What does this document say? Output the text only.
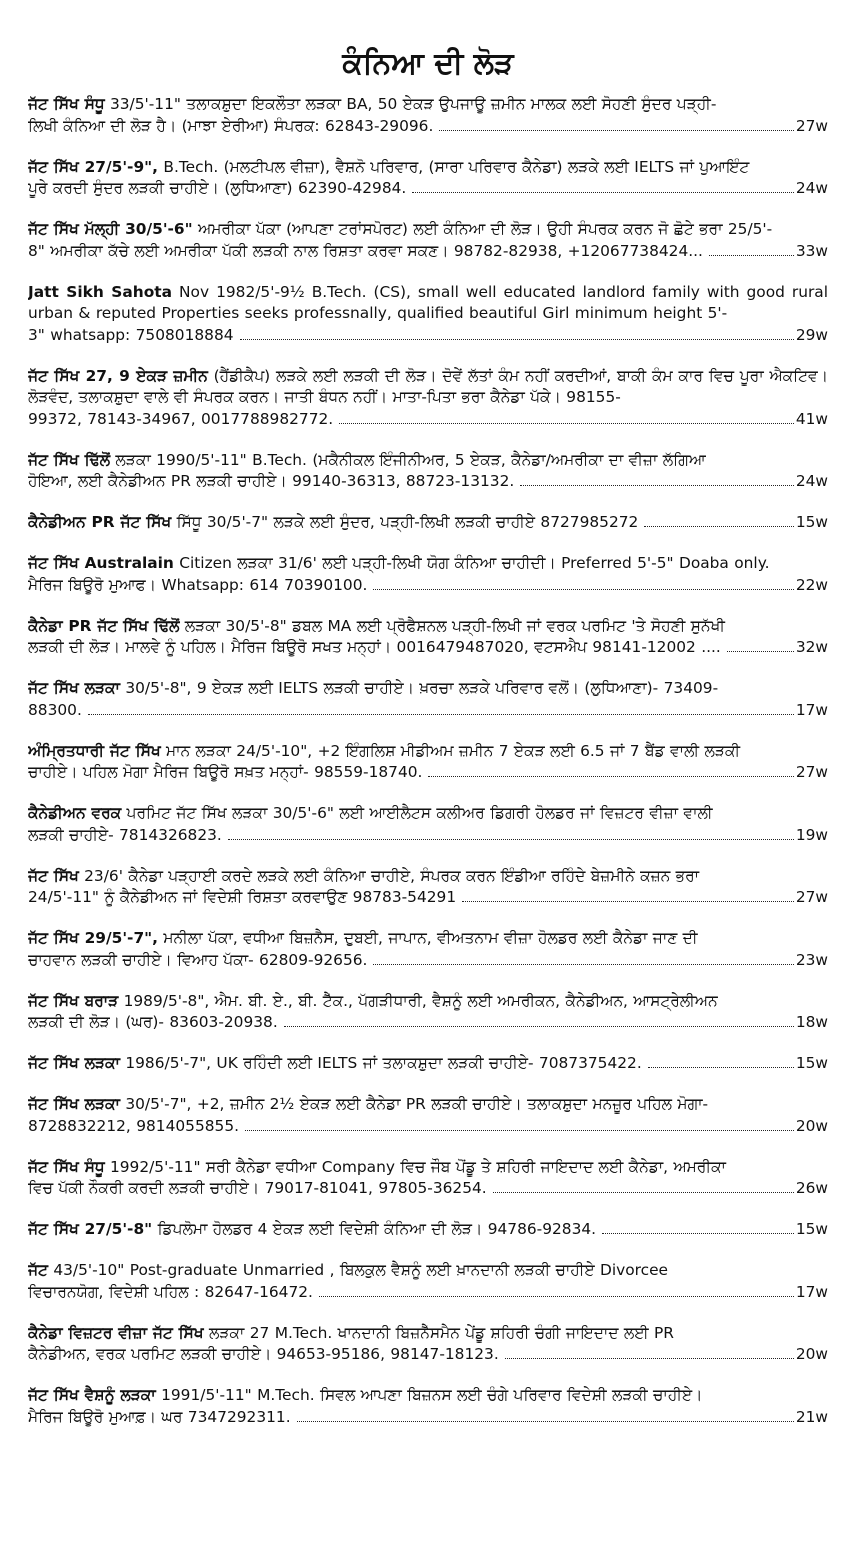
ਕੰਨਿਆ ਦੀ ਲੋੜ
ਜੱਟ ਸਿੱਖ ਸੰਧੂ 33/5'-11" ਤਲਾਕਸ਼ੁਦਾ ਇਕਲੌਤਾ ਲੜਕਾ BA, 50 ਏਕੜ ਉਪਜਾਊ ਜ਼ਮੀਨ ਮਾਲਕ ਲਈ ਸੋਹਣੀ ਸੁੰਦਰ ਪੜ੍ਹੀ-
ਲਿਖੀ ਕੰਨਿਆ ਦੀ ਲੋੜ ਹੈ। (ਮਾਝਾ ਏਰੀਆ) ਸੰਪਰਕ: 62843-29096.	27w
ਜੱਟ ਸਿੱਖ 27/5'-9", B.Tech. (ਮਲਟੀਪਲ ਵੀਜ਼ਾ), ਵੈਸ਼ਨੋ ਪਰਿਵਾਰ, (ਸਾਰਾ ਪਰਿਵਾਰ ਕੈਨੇਡਾ) ਲੜਕੇ ਲਈ IELTS ਜਾਂ ਪੁਆਇੰਟ
ਪੂਰੇ ਕਰਦੀ ਸੁੰਦਰ ਲੜਕੀ ਚਾਹੀਏ। (ਲੁਧਿਆਣਾ) 62390-42984.	24w
ਜੱਟ ਸਿੱਖ ਮੱਲ੍ਹੀ 30/5'-6" ਅਮਰੀਕਾ ਪੱਕਾ (ਆਪਣਾ ਟਰਾਂਸਪੋਰਟ) ਲਈ ਕੰਨਿਆ ਦੀ ਲੋੜ। ਉਹੀ ਸੰਪਰਕ ਕਰਨ ਜੋ ਛੋਟੇ ਭਰਾ 25/5'-
8" ਅਮਰੀਕਾ ਕੱਚੇ ਲਈ ਅਮਰੀਕਾ ਪੱਕੀ ਲੜਕੀ ਨਾਲ ਰਿਸ਼ਤਾ ਕਰਵਾ ਸਕਣ। 98782-82938, +12067738424...	33w
Jatt Sikh Sahota Nov 1982/5'-9½ B.Tech. (CS), small well educated landlord family with good rural urban & reputed Properties seeks professnally, qualified beautiful Girl minimum height 5'-
3" whatsapp: 7508018884	29w
ਜੱਟ ਸਿੱਖ 27, 9 ਏਕੜ ਜ਼ਮੀਨ (ਹੈਂਡੀਕੈਪ) ਲੜਕੇ ਲਈ ਲੜਕੀ ਦੀ ਲੋੜ। ਦੋਵੇਂ ਲੱਤਾਂ ਕੰਮ ਨਹੀਂ ਕਰਦੀਆਂ, ਬਾਕੀ ਕੰਮ ਕਾਰ ਵਿਚ ਪੂਰਾ ਐਕਟਿਵ। ਲੋੜਵੰਦ, ਤਲਾਕਸ਼ੁਦਾ ਵਾਲੇ ਵੀ ਸੰਪਰਕ ਕਰਨ। ਜਾਤੀ ਬੰਧਨ ਨਹੀਂ। ਮਾਤਾ-ਪਿਤਾ ਭਰਾ ਕੈਨੇਡਾ ਪੱਕੇ। 98155-
99372, 78143-34967, 0017788982772.	41w
ਜੱਟ ਸਿੱਖ ਢਿੱਲੋਂ ਲੜਕਾ 1990/5'-11" B.Tech. (ਮਕੈਨੀਕਲ ਇੰਜੀਨੀਅਰ, 5 ਏਕੜ, ਕੈਨੇਡਾ/ਅਮਰੀਕਾ ਦਾ ਵੀਜ਼ਾ ਲੱਗਿਆ
ਹੋਇਆ, ਲਈ ਕੈਨੇਡੀਅਨ PR ਲੜਕੀ ਚਾਹੀਏ। 99140-36313, 88723-13132.	24w
ਕੈਨੇਡੀਅਨ PR ਜੱਟ ਸਿੱਖ ਸਿੱਧੂ 30/5'-7" ਲੜਕੇ ਲਈ ਸੁੰਦਰ, ਪੜ੍ਹੀ-ਲਿਖੀ ਲੜਕੀ ਚਾਹੀਏ 8727985272	15w
ਜੱਟ ਸਿੱਖ Australain Citizen ਲੜਕਾ 31/6' ਲਈ ਪੜ੍ਹੀ-ਲਿਖੀ ਯੋਗ ਕੰਨਿਆ ਚਾਹੀਦੀ। Preferred 5'-5" Doaba only.
ਮੈਰਿਜ ਬਿਊਰੋ ਮੁਆਫ। Whatsapp: 614 70390100.	22w
ਕੈਨੇਡਾ PR ਜੱਟ ਸਿੱਖ ਢਿੱਲੋਂ ਲੜਕਾ 30/5'-8" ਡਬਲ MA ਲਈ ਪ੍ਰੋਫੈਸ਼ਨਲ ਪੜ੍ਹੀ-ਲਿਖੀ ਜਾਂ ਵਰਕ ਪਰਮਿਟ 'ਤੇ ਸੋਹਣੀ ਸੁਨੱਖੀ
ਲੜਕੀ ਦੀ ਲੋੜ। ਮਾਲਵੇ ਨੂੰ ਪਹਿਲ। ਮੈਰਿਜ ਬਿਊਰੋ ਸਖਤ ਮਨ੍ਹਾਂ। 0016479487020, ਵਟਸਐਪ 98141-12002 ....	32w
ਜੱਟ ਸਿੱਖ ਲੜਕਾ 30/5'-8", 9 ਏਕੜ ਲਈ IELTS ਲੜਕੀ ਚਾਹੀਏ। ਖ਼ਰਚਾ ਲੜਕੇ ਪਰਿਵਾਰ ਵਲੋਂ। (ਲੁਧਿਆਣਾ)- 73409-
88300.	17w
ਅੰਮ੍ਰਿਤਧਾਰੀ ਜੱਟ ਸਿੱਖ ਮਾਨ ਲੜਕਾ 24/5'-10", +2 ਇੰਗਲਿਸ਼ ਮੀਡੀਅਮ ਜ਼ਮੀਨ 7 ਏਕੜ ਲਈ 6.5 ਜਾਂ 7 ਬੈਂਡ ਵਾਲੀ ਲੜਕੀ
ਚਾਹੀਏ। ਪਹਿਲ ਮੋਗਾ ਮੈਰਿਜ ਬਿਊਰੋ ਸਖ਼ਤ ਮਨ੍ਹਾਂ- 98559-18740.	27w
ਕੈਨੇਡੀਅਨ ਵਰਕ ਪਰਮਿਟ ਜੱਟ ਸਿੱਖ ਲੜਕਾ 30/5'-6" ਲਈ ਆਈਲੈਟਸ ਕਲੀਅਰ ਡਿਗਰੀ ਹੋਲਡਰ ਜਾਂ ਵਿਜ਼ਟਰ ਵੀਜ਼ਾ ਵਾਲੀ
ਲੜਕੀ ਚਾਹੀਏ- 7814326823.	19w
ਜੱਟ ਸਿੱਖ 23/6' ਕੈਨੇਡਾ ਪੜ੍ਹਾਈ ਕਰਦੇ ਲੜਕੇ ਲਈ ਕੰਨਿਆ ਚਾਹੀਏ, ਸੰਪਰਕ ਕਰਨ ਇੰਡੀਆ ਰਹਿੰਦੇ ਬੇਜ਼ਮੀਨੇ ਕਜ਼ਨ ਭਰਾ
24/5'-11" ਨੂੰ ਕੈਨੇਡੀਅਨ ਜਾਂ ਵਿਦੇਸ਼ੀ ਰਿਸ਼ਤਾ ਕਰਵਾਉਣ 98783-54291	27w
ਜੱਟ ਸਿੱਖ 29/5'-7", ਮਨੀਲਾ ਪੱਕਾ, ਵਧੀਆ ਬਿਜ਼ਨੈਸ, ਦੁਬਈ, ਜਾਪਾਨ, ਵੀਅਤਨਾਮ ਵੀਜ਼ਾ ਹੋਲਡਰ ਲਈ ਕੈਨੇਡਾ ਜਾਣ ਦੀ
ਚਾਹਵਾਨ ਲੜਕੀ ਚਾਹੀਏ। ਵਿਆਹ ਪੱਕਾ- 62809-92656.	23w
ਜੱਟ ਸਿੱਖ ਬਰਾੜ 1989/5'-8", ਐਮ. ਬੀ. ਏ., ਬੀ. ਟੈੱਕ., ਪੱਗੜੀਧਾਰੀ, ਵੈਸ਼ਨੂੰ ਲਈ ਅਮਰੀਕਨ, ਕੈਨੇਡੀਅਨ, ਆਸਟ੍ਰੇਲੀਅਨ
ਲੜਕੀ ਦੀ ਲੋੜ। (ਘਰ)- 83603-20938.	18w
ਜੱਟ ਸਿੱਖ ਲੜਕਾ 1986/5'-7", UK ਰਹਿੰਦੀ ਲਈ IELTS ਜਾਂ ਤਲਾਕਸ਼ੁਦਾ ਲੜਕੀ ਚਾਹੀਏ- 7087375422.	15w
ਜੱਟ ਸਿੱਖ ਲੜਕਾ 30/5'-7", +2, ਜ਼ਮੀਨ 2½ ਏਕੜ ਲਈ ਕੈਨੇਡਾ PR ਲੜਕੀ ਚਾਹੀਏ। ਤਲਾਕਸ਼ੁਦਾ ਮਨਜ਼ੂਰ ਪਹਿਲ ਮੋਗਾ-
8728832212, 9814055855.	20w
ਜੱਟ ਸਿੱਖ ਸੰਧੂ 1992/5'-11" ਸਰੀ ਕੈਨੇਡਾ ਵਧੀਆ Company ਵਿਚ ਜੌਬ ਪੋਂਡੂ ਤੇ ਸ਼ਹਿਰੀ ਜਾਇਦਾਦ ਲਈ ਕੈਨੇਡਾ, ਅਮਰੀਕਾ
ਵਿਚ ਪੱਕੀ ਨੌਕਰੀ ਕਰਦੀ ਲੜਕੀ ਚਾਹੀਏ। 79017-81041, 97805-36254.	26w
ਜੱਟ ਸਿੱਖ 27/5'-8" ਡਿਪਲੋਮਾ ਹੋਲਡਰ 4 ਏਕੜ ਲਈ ਵਿਦੇਸ਼ੀ ਕੰਨਿਆ ਦੀ ਲੋੜ। 94786-92834.	15w
ਜੱਟ 43/5'-10" Post-graduate Unmarried , ਬਿਲਕੁਲ ਵੈਸ਼ਨੂੰ ਲਈ ਖ਼ਾਨਦਾਨੀ ਲੜਕੀ ਚਾਹੀਏ Divorcee
ਵਿਚਾਰਨਯੋਗ, ਵਿਦੇਸ਼ੀ ਪਹਿਲ : 82647-16472.	17w
ਕੈਨੇਡਾ ਵਿਜ਼ਟਰ ਵੀਜ਼ਾ ਜੱਟ ਸਿੱਖ ਲੜਕਾ 27 M.Tech. ਖਾਨਦਾਨੀ ਬਿਜ਼ਨੈੱਸਮੈਨ ਪੇਂਡੂ ਸ਼ਹਿਰੀ ਚੰਗੀ ਜਾਇਦਾਦ ਲਈ PR
ਕੈਨੇਡੀਅਨ, ਵਰਕ ਪਰਮਿਟ ਲੜਕੀ ਚਾਹੀਏ। 94653-95186, 98147-18123.	20w
ਜੱਟ ਸਿੱਖ ਵੈਸ਼ਨੂੰ ਲੜਕਾ 1991/5'-11" M.Tech. ਸਿਵਲ ਆਪਣਾ ਬਿਜ਼ਨਸ ਲਈ ਚੰਗੇ ਪਰਿਵਾਰ ਵਿਦੇਸ਼ੀ ਲੜਕੀ ਚਾਹੀਏ।
ਮੈਰਿਜ ਬਿਊਰੋ ਮੁਆਫ਼। ਘਰ 7347292311.	21w
